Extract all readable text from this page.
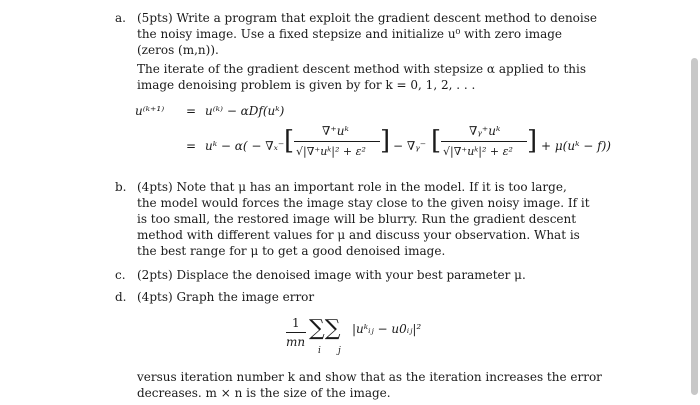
a. (5pts) Write a program that exploit the gradient descent method to denoise
the noisy image. Use a fixed stepsize and initialize u⁰ with zero image
(zeros (m,n)).
The iterate of the gradient descent method with stepsize α applied to this
image denoising problem is given by for k = 0, 1, 2, . . .
u⁽ᵏ⁺¹⁾ = u⁽ᵏ⁾ − αDf(uᵏ)
= uᵏ − α( − ∇ₓ⁻ [ ∇⁺uᵏ
√|∇⁺uᵏ|² + ε² ] − ∇ᵧ⁻ [ ∇ᵧ⁺uᵏ
√|∇⁺uᵏ|² + ε² ] + μ(uᵏ − f))
b. (4pts) Note that μ has an important role in the model. If it is too large,
the model would forces the image stay close to the given noisy image. If it
is too small, the restored image will be blurry. Run the gradient descent
method with different values for μ and discuss your observation. What is
the best range for μ to get a good denoised image.
c. (2pts) Displace the denoised image with your best parameter μ.
d. (4pts) Graph the image error
1
mn
∑∑
i j
|uᵏᵢⱼ − u0ᵢⱼ|²
versus iteration number k and show that as the iteration increases the error
decreases. m × n is the size of the image.
